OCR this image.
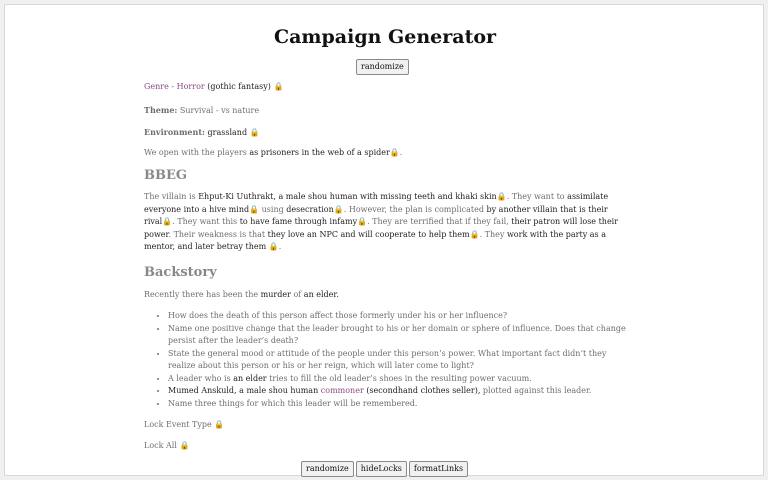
Campaign Generator
randomize

Genre - Horror (gothic fantasy) 🔒

Theme: Survival - vs nature

Environment: grassland 🔒

We open with the players as prisoners in the web of a spider🔒.

BBEG

The villain is Ehput-Ki Uuthrakt, a male shou human with missing teeth and khaki skin🔒. They want to assimilate everyone into a hive mind🔒 using desecration🔒. However, the plan is complicated by another villain that is their rival🔒. They want this to have fame through infamy🔒. They are terrified that if they fail, their patron will lose their power. Their weakness is that they love an NPC and will cooperate to help them🔒. They work with the party as a mentor, and later betray them 🔒.

Backstory

Recently there has been the murder of an elder.

• How does the death of this person affect those formerly under his or her influence?
• Name one positive change that the leader brought to his or her domain or sphere of influence. Does that change persist after the leader’s death?
• State the general mood or attitude of the people under this person’s power. What important fact didn’t they realize about this person or his or her reign, which will later come to light?
• A leader who is an elder tries to fill the old leader’s shoes in the resulting power vacuum.
• Mumed Anskuld, a male shou human commoner (secondhand clothes seller), plotted against this leader.
• Name three things for which this leader will be remembered.

Lock Event Type 🔒

Lock All 🔒

randomize	hideLocks	formatLinks
